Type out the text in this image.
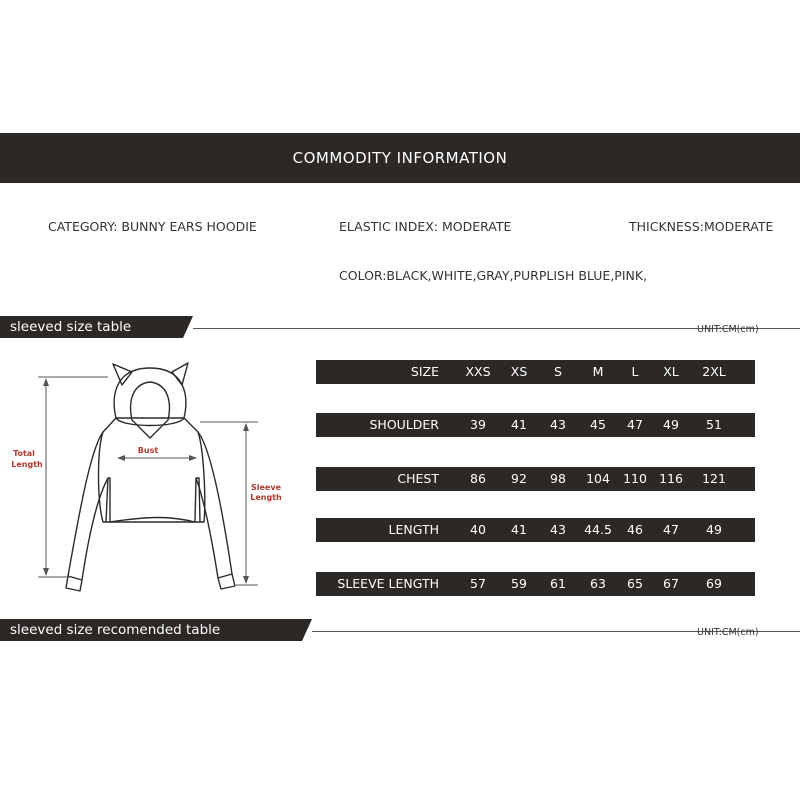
COMMODITY INFORMATION
CATEGORY: BUNNY EARS HOODIE	ELASTIC INDEX: MODERATE	THICKNESS:MODERATE
COLOR:BLACK,WHITE,GRAY,PURPLISH BLUE,PINK,
sleeved size table	UNIT:CM(cm)
Total
Length
Bust
Sleeve
Length
SIZE XXS XS S M L XL 2XL
SHOULDER 39 41 43 45 47 49 51
CHEST 86 92 98 104 110 116 121
LENGTH 40 41 43 44.5 46 47 49
SLEEVE LENGTH 57 59 61 63 65 67 69
sleeved size recomended table	UNIT:CM(cm)
